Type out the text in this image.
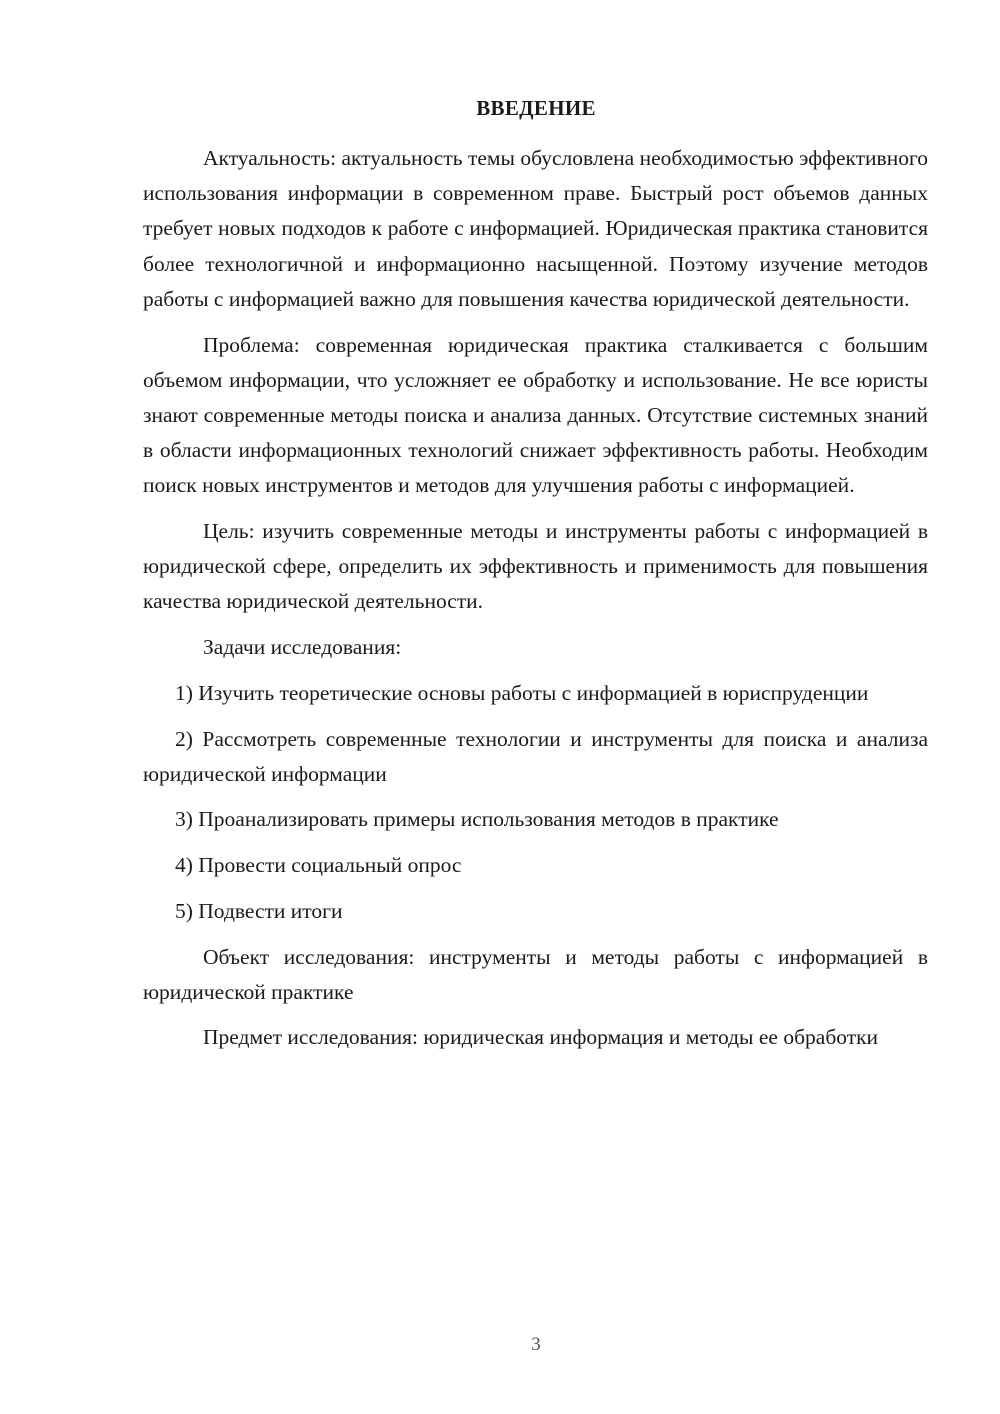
ВВЕДЕНИЕ

Актуальность: актуальность темы обусловлена необходимостью эффективного использования информации в современном праве. Быстрый рост объемов данных требует новых подходов к работе с информацией. Юридическая практика становится более технологичной и информационно насыщенной. Поэтому изучение методов работы с информацией важно для повышения качества юридической деятельности.

Проблема: современная юридическая практика сталкивается с большим объемом информации, что усложняет ее обработку и использование. Не все юристы знают современные методы поиска и анализа данных. Отсутствие системных знаний в области информационных технологий снижает эффективность работы. Необходим поиск новых инструментов и методов для улучшения работы с информацией.

Цель: изучить современные методы и инструменты работы с информацией в юридической сфере, определить их эффективность и применимость для повышения качества юридической деятельности.

Задачи исследования:

1) Изучить теоретические основы работы с информацией в юриспруденции

2) Рассмотреть современные технологии и инструменты для поиска и анализа юридической информации

3) Проанализировать примеры использования методов в практике

4) Провести социальный опрос

5) Подвести итоги

Объект исследования: инструменты и методы работы с информацией в юридической практике

Предмет исследования: юридическая информация и методы ее обработки

3
